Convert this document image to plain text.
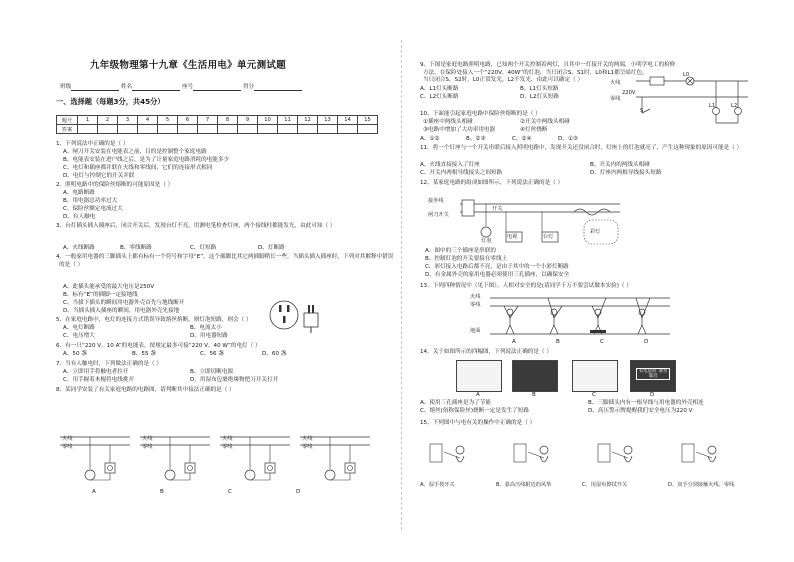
九年级物理第十九章《生活用电》单元测试题
班级	姓名	座号	得分
一、选择题（每题3分，共45分）
题号	1	2	3	4	5	6	7	8	9	10	11	12	13	14	15
答案															
1、下列说法中正确的是（ ）
A、闸刀开关安装在电能表之前，目的是控制整个家庭电路
B、电能表安装在进户线之后，是为了计量家庭电路消耗的电能多少
C、电灯和插座都并联在火线和零线间，它们的连接形式相同
D、电灯与控制它的开关并联
2、照明电路中的保险丝熔断的可能原因是（ ）
A、电路断路
B、用电器总功率过大
C、保险丝额定电流过大
D、有人触电
3、台灯插头插入插座后，闭合开关后，发现台灯不亮，用测电笔检查灯座，两个接线柱都能发光，由此可知（ ）
A、火线断路	B、零线断路	C、灯短路	D、灯断路
4、一般家用电器的三脚插头上都有标有一个符号和字母“E”，这个插脚比其它两插脚稍长一些。当插头插入插座时，下列对其解释中错误
的是（ ）
A、此插头能承受的最大电压是250V
B、标有“E”的插脚一定接地线
C、当拔下插头的瞬间用电器外壳首先与地线断开
D、当插头插入插座的瞬间，用电器外壳先接地
5、在家庭电路中，电灯的连接方式错误导致熔丝熔断，则灯泡短路，则会（ ）
A、电灯断路	B、电流太小
C、电压增大	D、用电器短路
6、有一只“220 V、10 A”的电能表，按规定最多可接“220 V、40 W”的电灯（ ）
A、50 盏	B、55 盏	C、56 盏	D、60 盏
7、当有人触电时，下列做法正确的是（ ）
A、立即用手将触电者拉开	B、立即切断电源
C、用手握着木棍将电线挑开	D、用湿布包裹绝缘物把刀开关打开
8、某同学安装了有关家庭电路的电路图，请判断其中接法正确的是（ ）
A	B	C	D
火线
零线
火线
零线
火线
零线
火线
零线
9、下图是家庭电路照明电路，已知两个开关控制着两灯，且其中一灯接开关的两端，小明学电工的检修
方法，在保险处接入一个“220V、40W”的灯泡，当只闭合S、S1时，L0和L1都呈暗红色，
当只闭合S、S2时，L0正常发光，L2不发光，由此可以确定（ ）
A、L1灯头断路	B、L1灯头短路
C、L2灯头断路	D、L2灯头短路
10、下面能引起家庭电路中保险丝熔断的是（ ）
①插座中两线头相碰	②开关中两线头相碰
③电路中增加了大功率用电器	④灯丝烧断
A、①②	B、②③	C、②④	D、①③
11、将一个灯座与一个开关串联后接入照明电路中，发现开关还没闭合时，灯座上的灯泡就亮了，产生这种现象的原因可能是（ ）
A、火线直接接入了灯座	B、开关内的两线头相碰
C、开关内两根导线接头之间短路	D、灯座内两根导线接头短路
12、某家庭电路的组成如图所示，下列说法正确的是（ ）
A、图中的三个插座是串联的
B、控制灯泡的开关要接在零线上
C、彩灯接入电路后都不亮，是由于其中的一个小彩灯断路
D、有金属外壳的家用电器必须使用三孔插座，以确保安全
13、下列四种情况中（见下图），人相对安全的是(请同学千万不要尝试做本实验)（ ）
14、关于如图所示的四幅图，下列说法正确的是（ ）
A、使用三孔插座是为了节能	B、三脚插头内有一根导线与用电器的外壳相连
C、熔丝(俗称保险丝)烧断一定是发生了短路	D、高压警示牌提醒我们安全电压为220 V
15、下列图中与电有关的操作中正确的是（ ）
A、湿手按开关	B、靠高压线附近的风筝	C、用湿布擦拭开关	D、双手分别接触火线、零线
火线
零线
220V
L0
L1	L2
S
接外线
闸刀开关
灯泡
电视	台灯
彩灯
开关
火线
零线
地面
A	B	C	D
A	B	C	D
有电危险 请勿靠近
